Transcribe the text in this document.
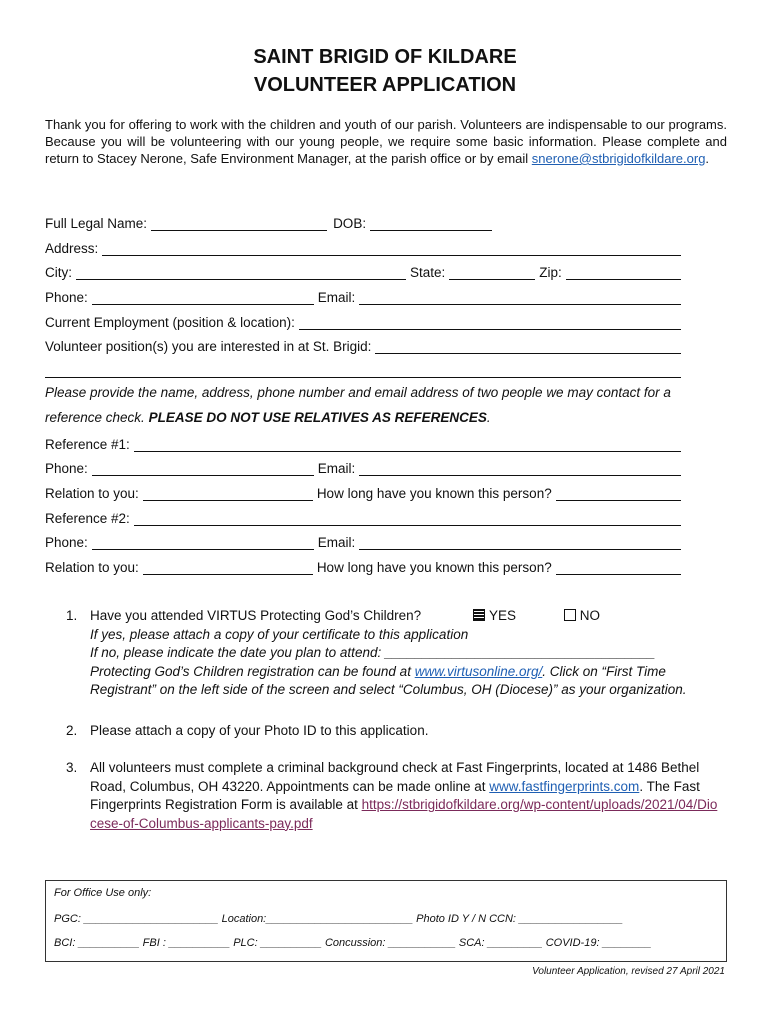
SAINT BRIGID OF KILDARE
VOLUNTEER APPLICATION
Thank you for offering to work with the children and youth of our parish. Volunteers are indispensable to our programs. Because you will be volunteering with our young people, we require some basic information. Please complete and return to Stacey Nerone, Safe Environment Manager, at the parish office or by email snerone@stbrigidofkildare.org.
Full Legal Name:	DOB:
Address:
City:	State:	Zip:
Phone:	Email:
Current Employment (position & location):
Volunteer position(s) you are interested in at St. Brigid:
Please provide the name, address, phone number and email address of two people we may contact for a
reference check. PLEASE DO NOT USE RELATIVES AS REFERENCES.
Reference #1:
Phone:	Email:
Relation to you:	How long have you known this person?
Reference #2:
Phone:	Email:
Relation to you:	How long have you known this person?
1. Have you attended VIRTUS Protecting God’s Children?	YES	NO
If yes, please attach a copy of your certificate to this application
If no, please indicate the date you plan to attend: ____________________________________
Protecting God’s Children registration can be found at www.virtusonline.org/. Click on “First Time
Registrant” on the left side of the screen and select “Columbus, OH (Diocese)” as your organization.
2. Please attach a copy of your Photo ID to this application.
3. All volunteers must complete a criminal background check at Fast Fingerprints, located at 1486 Bethel Road, Columbus, OH 43220. Appointments can be made online at www.fastfingerprints.com. The Fast Fingerprints Registration Form is available at https://stbrigidofkildare.org/wp-content/uploads/2021/04/Diocese-of-Columbus-applicants-pay.pdf
For Office Use only:
PGC: ______________________ Location:________________________ Photo ID Y / N CCN: _________________
BCI: __________ FBI : __________ PLC: __________ Concussion: ___________ SCA: _________ COVID-19: ________
Volunteer Application, revised 27 April 2021
